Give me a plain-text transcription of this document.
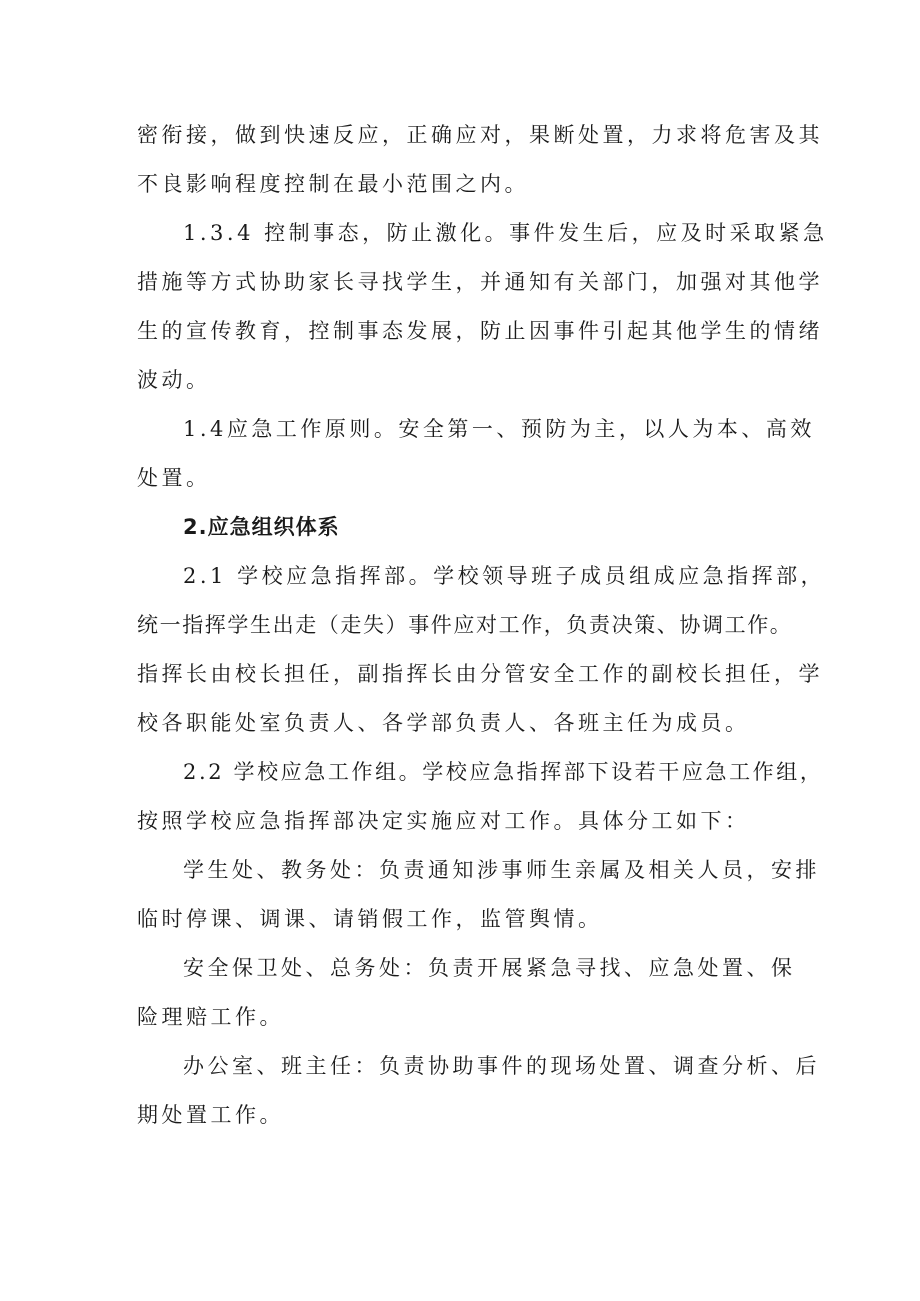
密衔接，做到快速反应，正确应对，果断处置，力求将危害及其
不良影响程度控制在最小范围之内。
1.3.4 控制事态，防止激化。事件发生后，应及时采取紧急
措施等方式协助家长寻找学生，并通知有关部门，加强对其他学
生的宣传教育，控制事态发展，防止因事件引起其他学生的情绪
波动。
1.4应急工作原则。安全第一、预防为主，以人为本、高效
处置。
2.应急组织体系
2.1 学校应急指挥部。学校领导班子成员组成应急指挥部，
统一指挥学生出走（走失）事件应对工作，负责决策、协调工作。
指挥长由校长担任，副指挥长由分管安全工作的副校长担任，学
校各职能处室负责人、各学部负责人、各班主任为成员。
2.2 学校应急工作组。学校应急指挥部下设若干应急工作组，
按照学校应急指挥部决定实施应对工作。具体分工如下：
学生处、教务处：负责通知涉事师生亲属及相关人员，安排
临时停课、调课、请销假工作，监管舆情。
安全保卫处、总务处：负责开展紧急寻找、应急处置、保
险理赔工作。
办公室、班主任：负责协助事件的现场处置、调查分析、后
期处置工作。
